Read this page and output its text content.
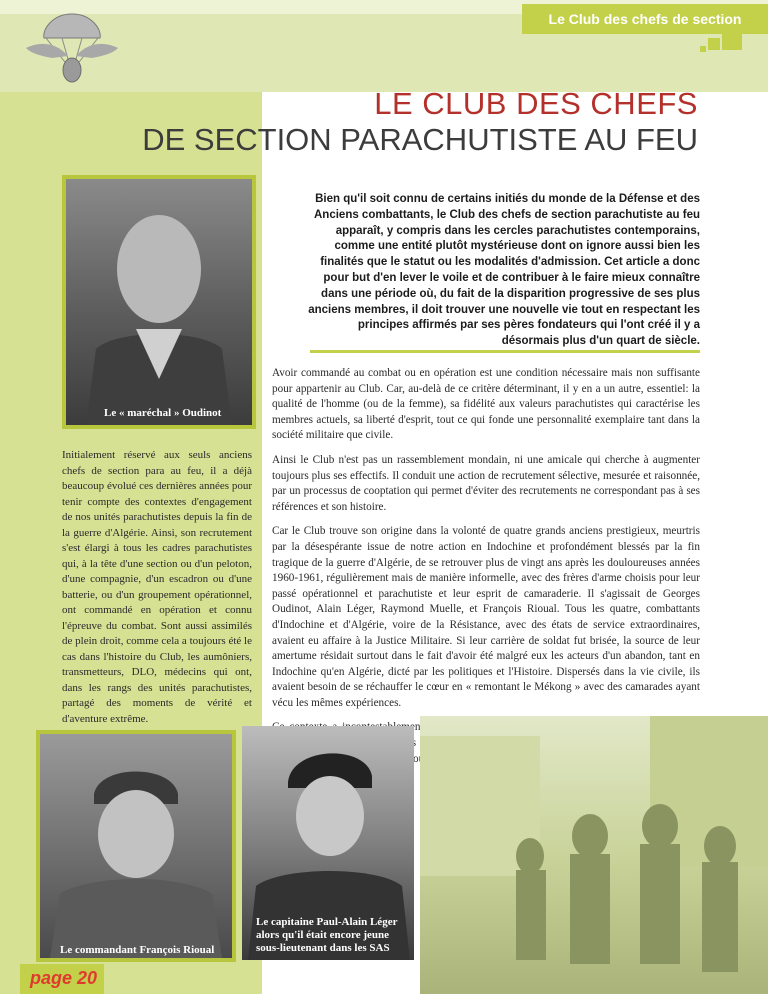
Le Club des chefs de section
LE CLUB DES CHEFS
DE SECTION PARACHUTISTE AU FEU
Le « maréchal » Oudinot
Bien qu'il soit connu de certains initiés du monde de la Défense et des Anciens combattants, le Club des chefs de section parachutiste au feu apparaît, y compris dans les cercles parachutistes contemporains, comme une entité plutôt mystérieuse dont on ignore aussi bien les finalités que le statut ou les modalités d'admission. Cet article a donc pour but d'en lever le voile et de contribuer à le faire mieux connaître dans une période où, du fait de la disparition progressive de ses plus anciens membres, il doit trouver une nouvelle vie tout en respectant les principes affirmés par ses pères fondateurs qui l'ont créé il y a désormais plus d'un quart de siècle.

Avoir commandé au combat ou en opération est une condition nécessaire mais non suffisante pour appartenir au Club. Car, au-delà de ce critère déterminant, il y en a un autre, essentiel: la qualité de l'homme (ou de la femme), sa fidélité aux valeurs parachutistes qui caractérise les membres actuels, sa liberté d'esprit, tout ce qui fonde une personnalité exemplaire tant dans la société militaire que civile.

Ainsi le Club n'est pas un rassemblement mondain, ni une amicale qui cherche à augmenter toujours plus ses effectifs. Il conduit une action de recrutement sélective, mesurée et raisonnée, par un processus de cooptation qui permet d'éviter des recrutements ne correspondant pas à ses références et son histoire.

Car le Club trouve son origine dans la volonté de quatre grands anciens prestigieux, meurtris par la désespérante issue de notre action en Indochine et profondément blessés par la fin tragique de la guerre d'Algérie, de se retrouver plus de vingt ans après les douloureuses années 1960-1961, régulièrement mais de manière informelle, avec des frères d'arme choisis pour leur passé opérationnel et parachutiste et leur esprit de camaraderie. Il s'agissait de Georges Oudinot, Alain Léger, Raymond Muelle, et François Rioual. Tous les quatre, combattants d'Indochine et d'Algérie, voire de la Résistance, avec des états de service extraordinaires, avaient eu affaire à la Justice Militaire. Si leur carrière de soldat fut brisée, la source de leur amertume résidait surtout dans le fait d'avoir été malgré eux les acteurs d'un abandon, tant en Indochine qu'en Algérie, dicté par les politiques et l'Histoire. Dispersés dans la vie civile, ils avaient besoin de se réchauffer le cœur en « remontant le Mékong » avec des camarades ayant vécu les mêmes expériences.

Initialement réservé aux seuls anciens chefs de section para au feu, il a déjà beaucoup évolué ces dernières années pour tenir compte des contextes d'engagement de nos unités parachutistes depuis la fin de la guerre d'Algérie. Ainsi, son recrutement s'est élargi à tous les cadres parachutistes qui, à la tête d'une section ou d'un peloton, d'une compagnie, d'un escadron ou d'une batterie, ou d'un groupement opérationnel, ont commandé en opération et connu l'épreuve du combat. Sont aussi assimilés de plein droit, comme cela a toujours été le cas dans l'histoire du Club, les aumôniers, transmetteurs, DLO, médecins qui ont, dans les rangs des unités parachutistes, partagé des moments de vérité et d'aventure extrême.
Le commandant François Rioual
Le capitaine Paul-Alain Léger
alors qu'il était encore jeune
sous-lieutenant dans les SAS
page 20
